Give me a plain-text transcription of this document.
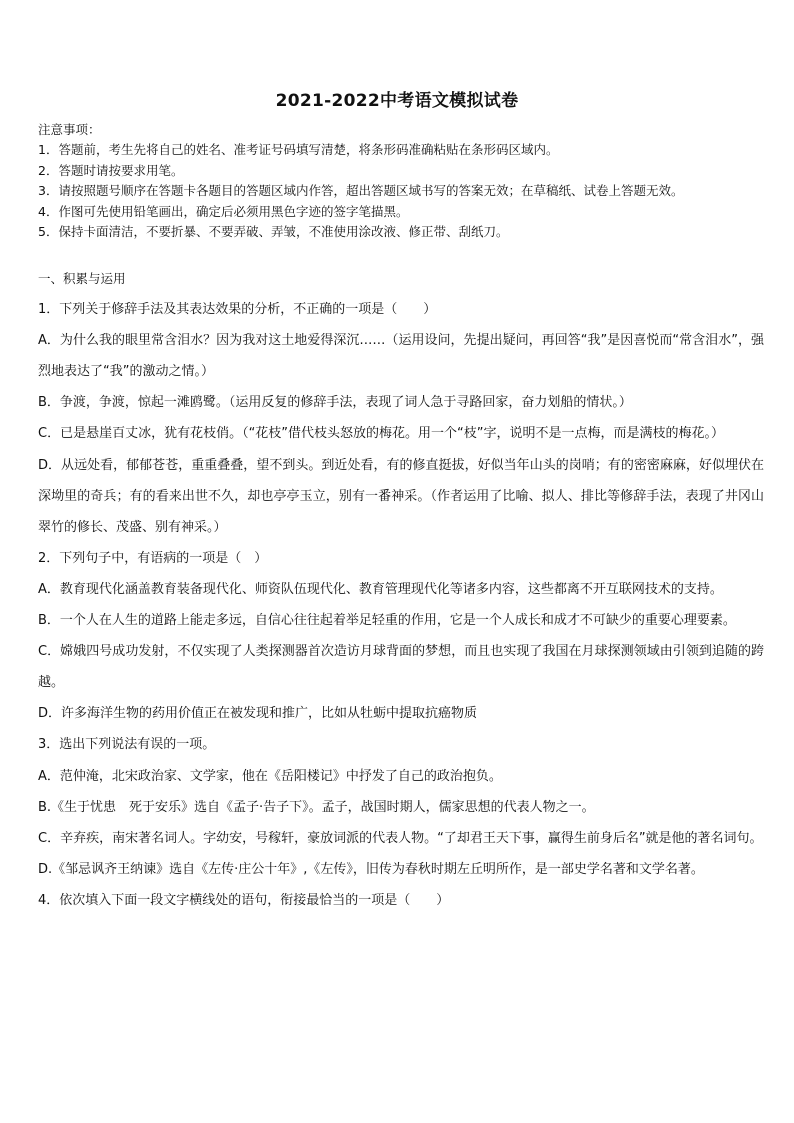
2021-2022中考语文模拟试卷
注意事项：
1．答题前，考生先将自己的姓名、准考证号码填写清楚，将条形码准确粘贴在条形码区域内。
2．答题时请按要求用笔。
3．请按照题号顺序在答题卡各题目的答题区域内作答，超出答题区域书写的答案无效；在草稿纸、试卷上答题无效。
4．作图可先使用铅笔画出，确定后必须用黑色字迹的签字笔描黑。
5．保持卡面清洁，不要折暴、不要弄破、弄皱，不准使用涂改液、修正带、刮纸刀。

一、积累与运用

1．下列关于修辞手法及其表达效果的分析，不正确的一项是（　　）

A．为什么我的眼里常含泪水？因为我对这土地爱得深沉……（运用设问，先提出疑问，再回答“我”是因喜悦而“常含泪水”，强烈地表达了“我”的激动之情。）

B．争渡，争渡，惊起一滩鸥鹭。（运用反复的修辞手法，表现了词人急于寻路回家，奋力划船的情状。）

C．已是悬崖百丈冰，犹有花枝俏。（“花枝”借代枝头怒放的梅花。用一个“枝”字，说明不是一点梅，而是满枝的梅花。）

D．从远处看，郁郁苍苍，重重叠叠，望不到头。到近处看，有的修直挺拔，好似当年山头的岗哨；有的密密麻麻，好似埋伏在深坳里的奇兵；有的看来出世不久，却也亭亭玉立，别有一番神采。（作者运用了比喻、拟人、排比等修辞手法，表现了井冈山翠竹的修长、茂盛、别有神采。）

2．下列句子中，有语病的一项是（　）

A．教育现代化涵盖教育装备现代化、师资队伍现代化、教育管理现代化等诸多内容，这些都离不开互联网技术的支持。

B．一个人在人生的道路上能走多远，自信心往往起着举足轻重的作用，它是一个人成长和成才不可缺少的重要心理要素。

C．嫦娥四号成功发射，不仅实现了人类探测器首次造访月球背面的梦想，而且也实现了我国在月球探测领域由引领到追随的跨越。

D．许多海洋生物的药用价值正在被发现和推广，比如从牡蛎中提取抗癌物质

3．选出下列说法有误的一项。

A．范仲淹，北宋政治家、文学家，他在《岳阳楼记》中抒发了自己的政治抱负。

B.《生于忧患　死于安乐》选自《孟子·告子下》。孟子，战国时期人，儒家思想的代表人物之一。

C．辛弃疾，南宋著名词人。字幼安，号稼轩，豪放词派的代表人物。“了却君王天下事，赢得生前身后名”就是他的著名词句。

D.《邹忌讽齐王纳谏》选自《左传·庄公十年》,《左传》，旧传为春秋时期左丘明所作，是一部史学名著和文学名著。

4．依次填入下面一段文字横线处的语句，衔接最恰当的一项是（　　）
